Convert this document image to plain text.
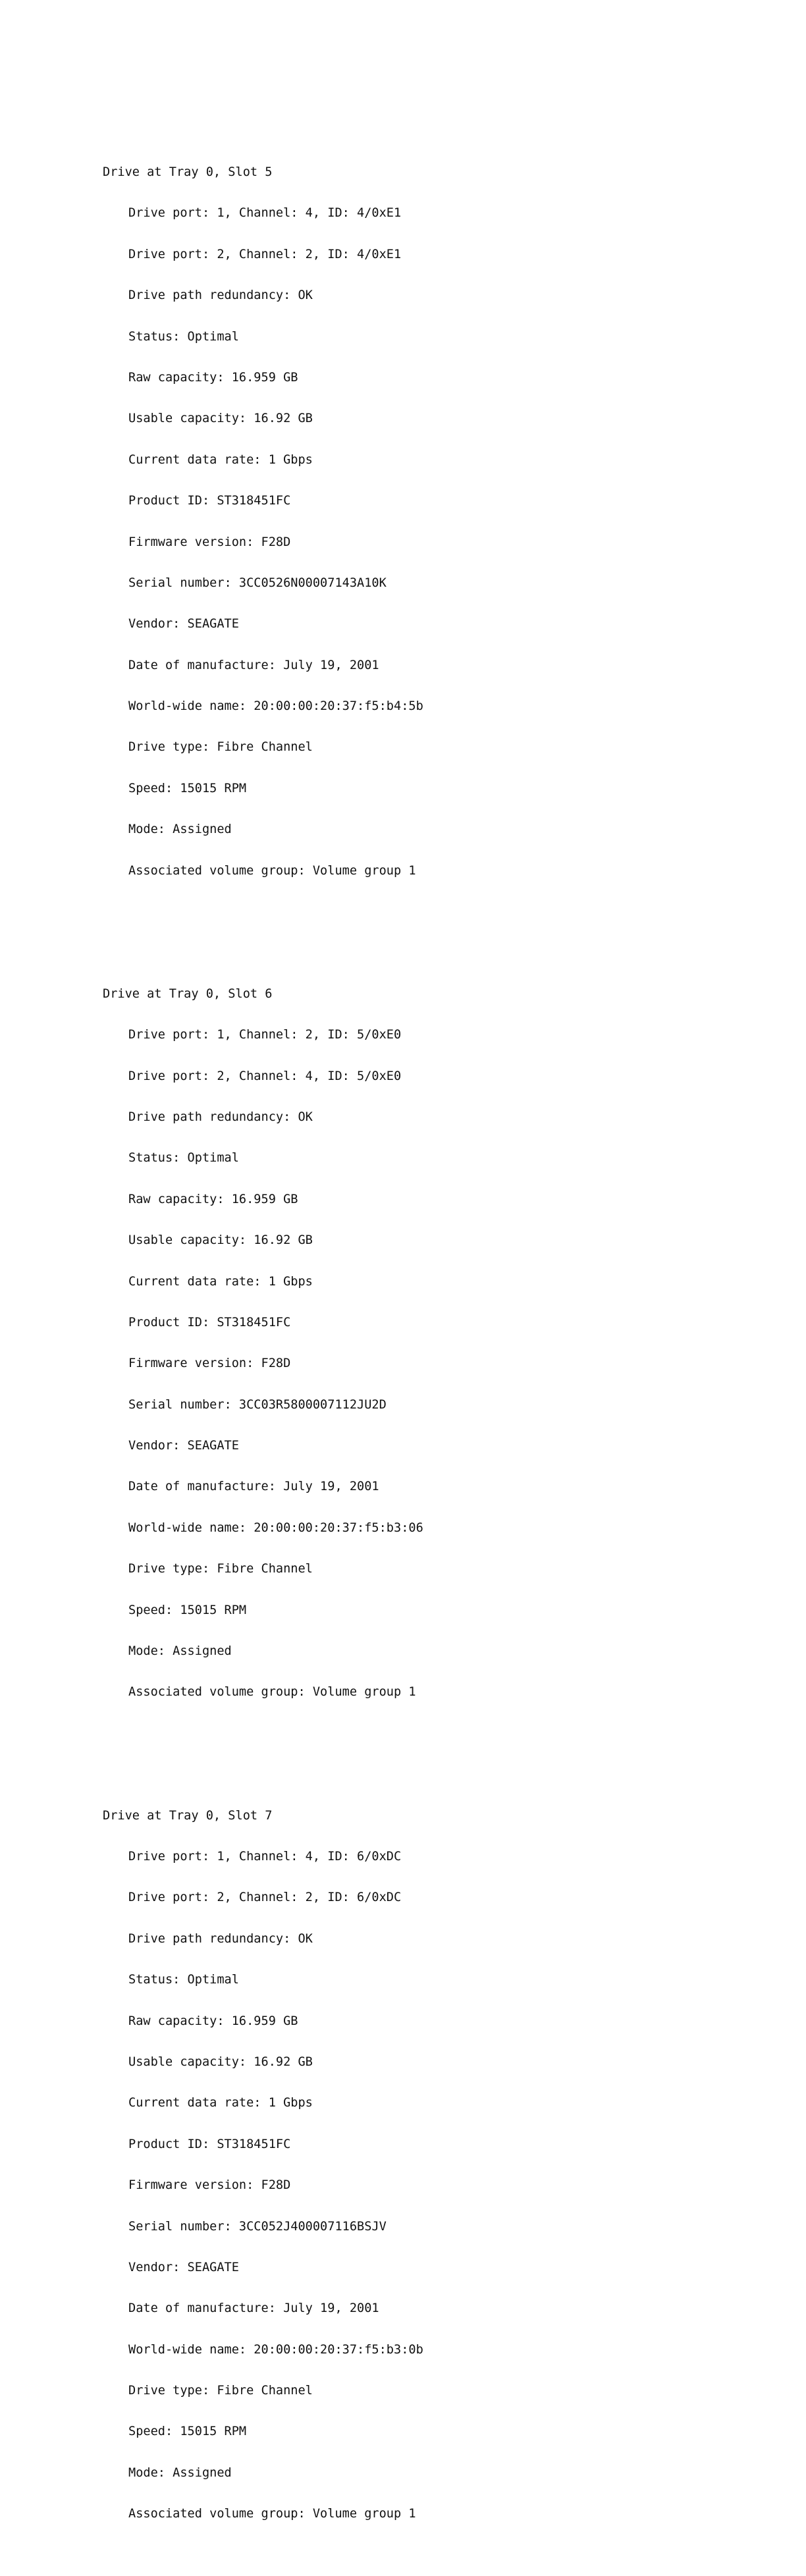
Drive at Tray 0, Slot 5

Drive port: 1, Channel: 4, ID: 4/0xE1

Drive port: 2, Channel: 2, ID: 4/0xE1

Drive path redundancy: OK

Status: Optimal

Raw capacity: 16.959 GB

Usable capacity: 16.92 GB

Current data rate: 1 Gbps

Product ID: ST318451FC

Firmware version: F28D

Serial number: 3CC0526N00007143A10K

Vendor: SEAGATE

Date of manufacture: July 19, 2001

World-wide name: 20:00:00:20:37:f5:b4:5b

Drive type: Fibre Channel

Speed: 15015 RPM

Mode: Assigned

Associated volume group: Volume group 1

Drive at Tray 0, Slot 6

Drive port: 1, Channel: 2, ID: 5/0xE0

Drive port: 2, Channel: 4, ID: 5/0xE0

Drive path redundancy: OK

Status: Optimal

Raw capacity: 16.959 GB

Usable capacity: 16.92 GB

Current data rate: 1 Gbps

Product ID: ST318451FC

Firmware version: F28D

Serial number: 3CC03R5800007112JU2D

Vendor: SEAGATE

Date of manufacture: July 19, 2001

World-wide name: 20:00:00:20:37:f5:b3:06

Drive type: Fibre Channel

Speed: 15015 RPM

Mode: Assigned

Associated volume group: Volume group 1

Drive at Tray 0, Slot 7

Drive port: 1, Channel: 4, ID: 6/0xDC

Drive port: 2, Channel: 2, ID: 6/0xDC

Drive path redundancy: OK

Status: Optimal

Raw capacity: 16.959 GB

Usable capacity: 16.92 GB

Current data rate: 1 Gbps

Product ID: ST318451FC

Firmware version: F28D

Serial number: 3CC052J400007116BSJV

Vendor: SEAGATE

Date of manufacture: July 19, 2001

World-wide name: 20:00:00:20:37:f5:b3:0b

Drive type: Fibre Channel

Speed: 15015 RPM

Mode: Assigned

Associated volume group: Volume group 1
